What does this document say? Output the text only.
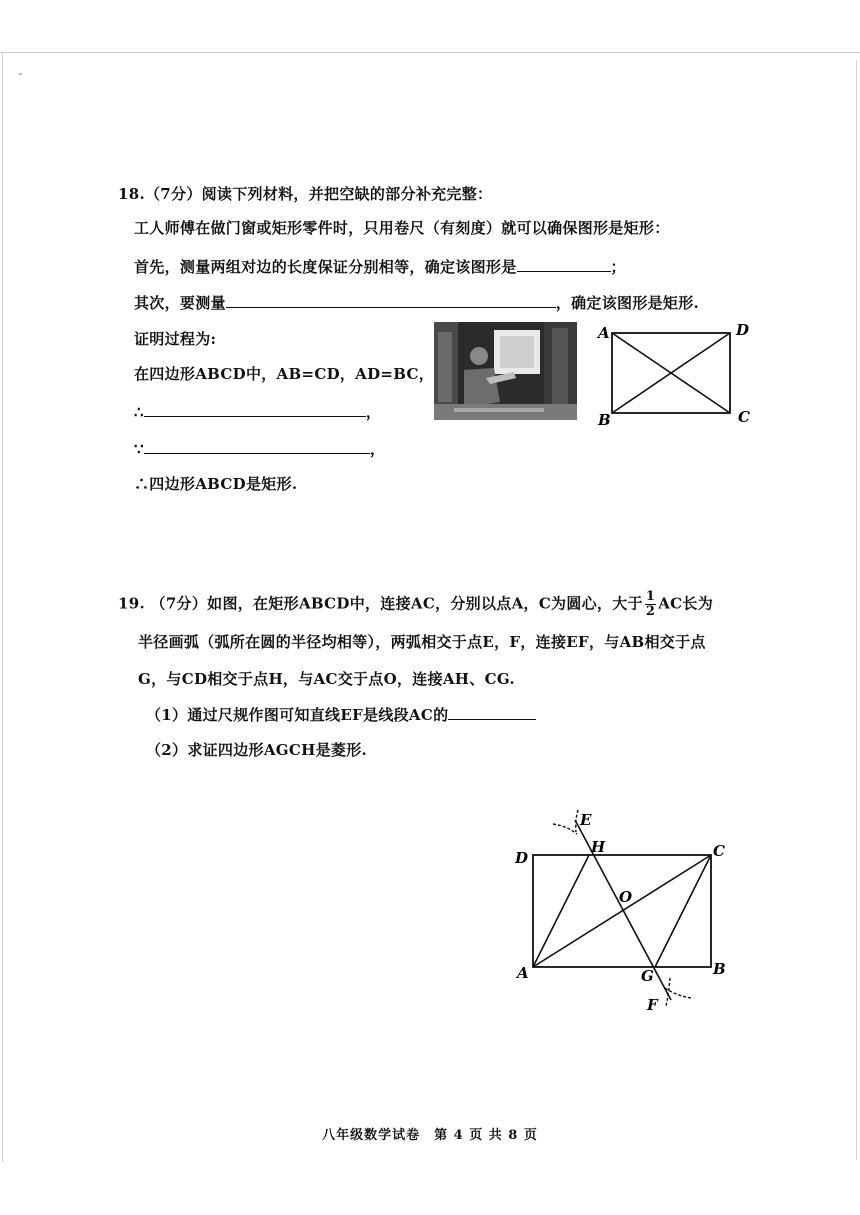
18.（7分）阅读下列材料，并把空缺的部分补充完整：
工人师傅在做门窗或矩形零件时，只用卷尺（有刻度）就可以确保图形是矩形：
首先，测量两组对边的长度保证分别相等，确定该图形是	；
其次，要测量	，确定该图形是矩形.
证明过程为:
在四边形ABCD中，AB=CD，AD=BC，
∴	，
∵	，
∴四边形ABCD是矩形.
A	D
B	C
19. （7分）如图，在矩形ABCD中，连接AC，分别以点A，C为圆心，大于 $\frac{1}{2}$ AC长为
半径画弧（弧所在圆的半径均相等），两弧相交于点E，F，连接EF，与AB相交于点
G，与CD相交于点H，与AC交于点O，连接AH、CG.
（1）通过尺规作图可知直线EF是线段AC的
（2）求证四边形AGCH是菱形.
E
H
D	C
O
A	G	B
F
八年级数学试卷　第 4 页 共 8 页
